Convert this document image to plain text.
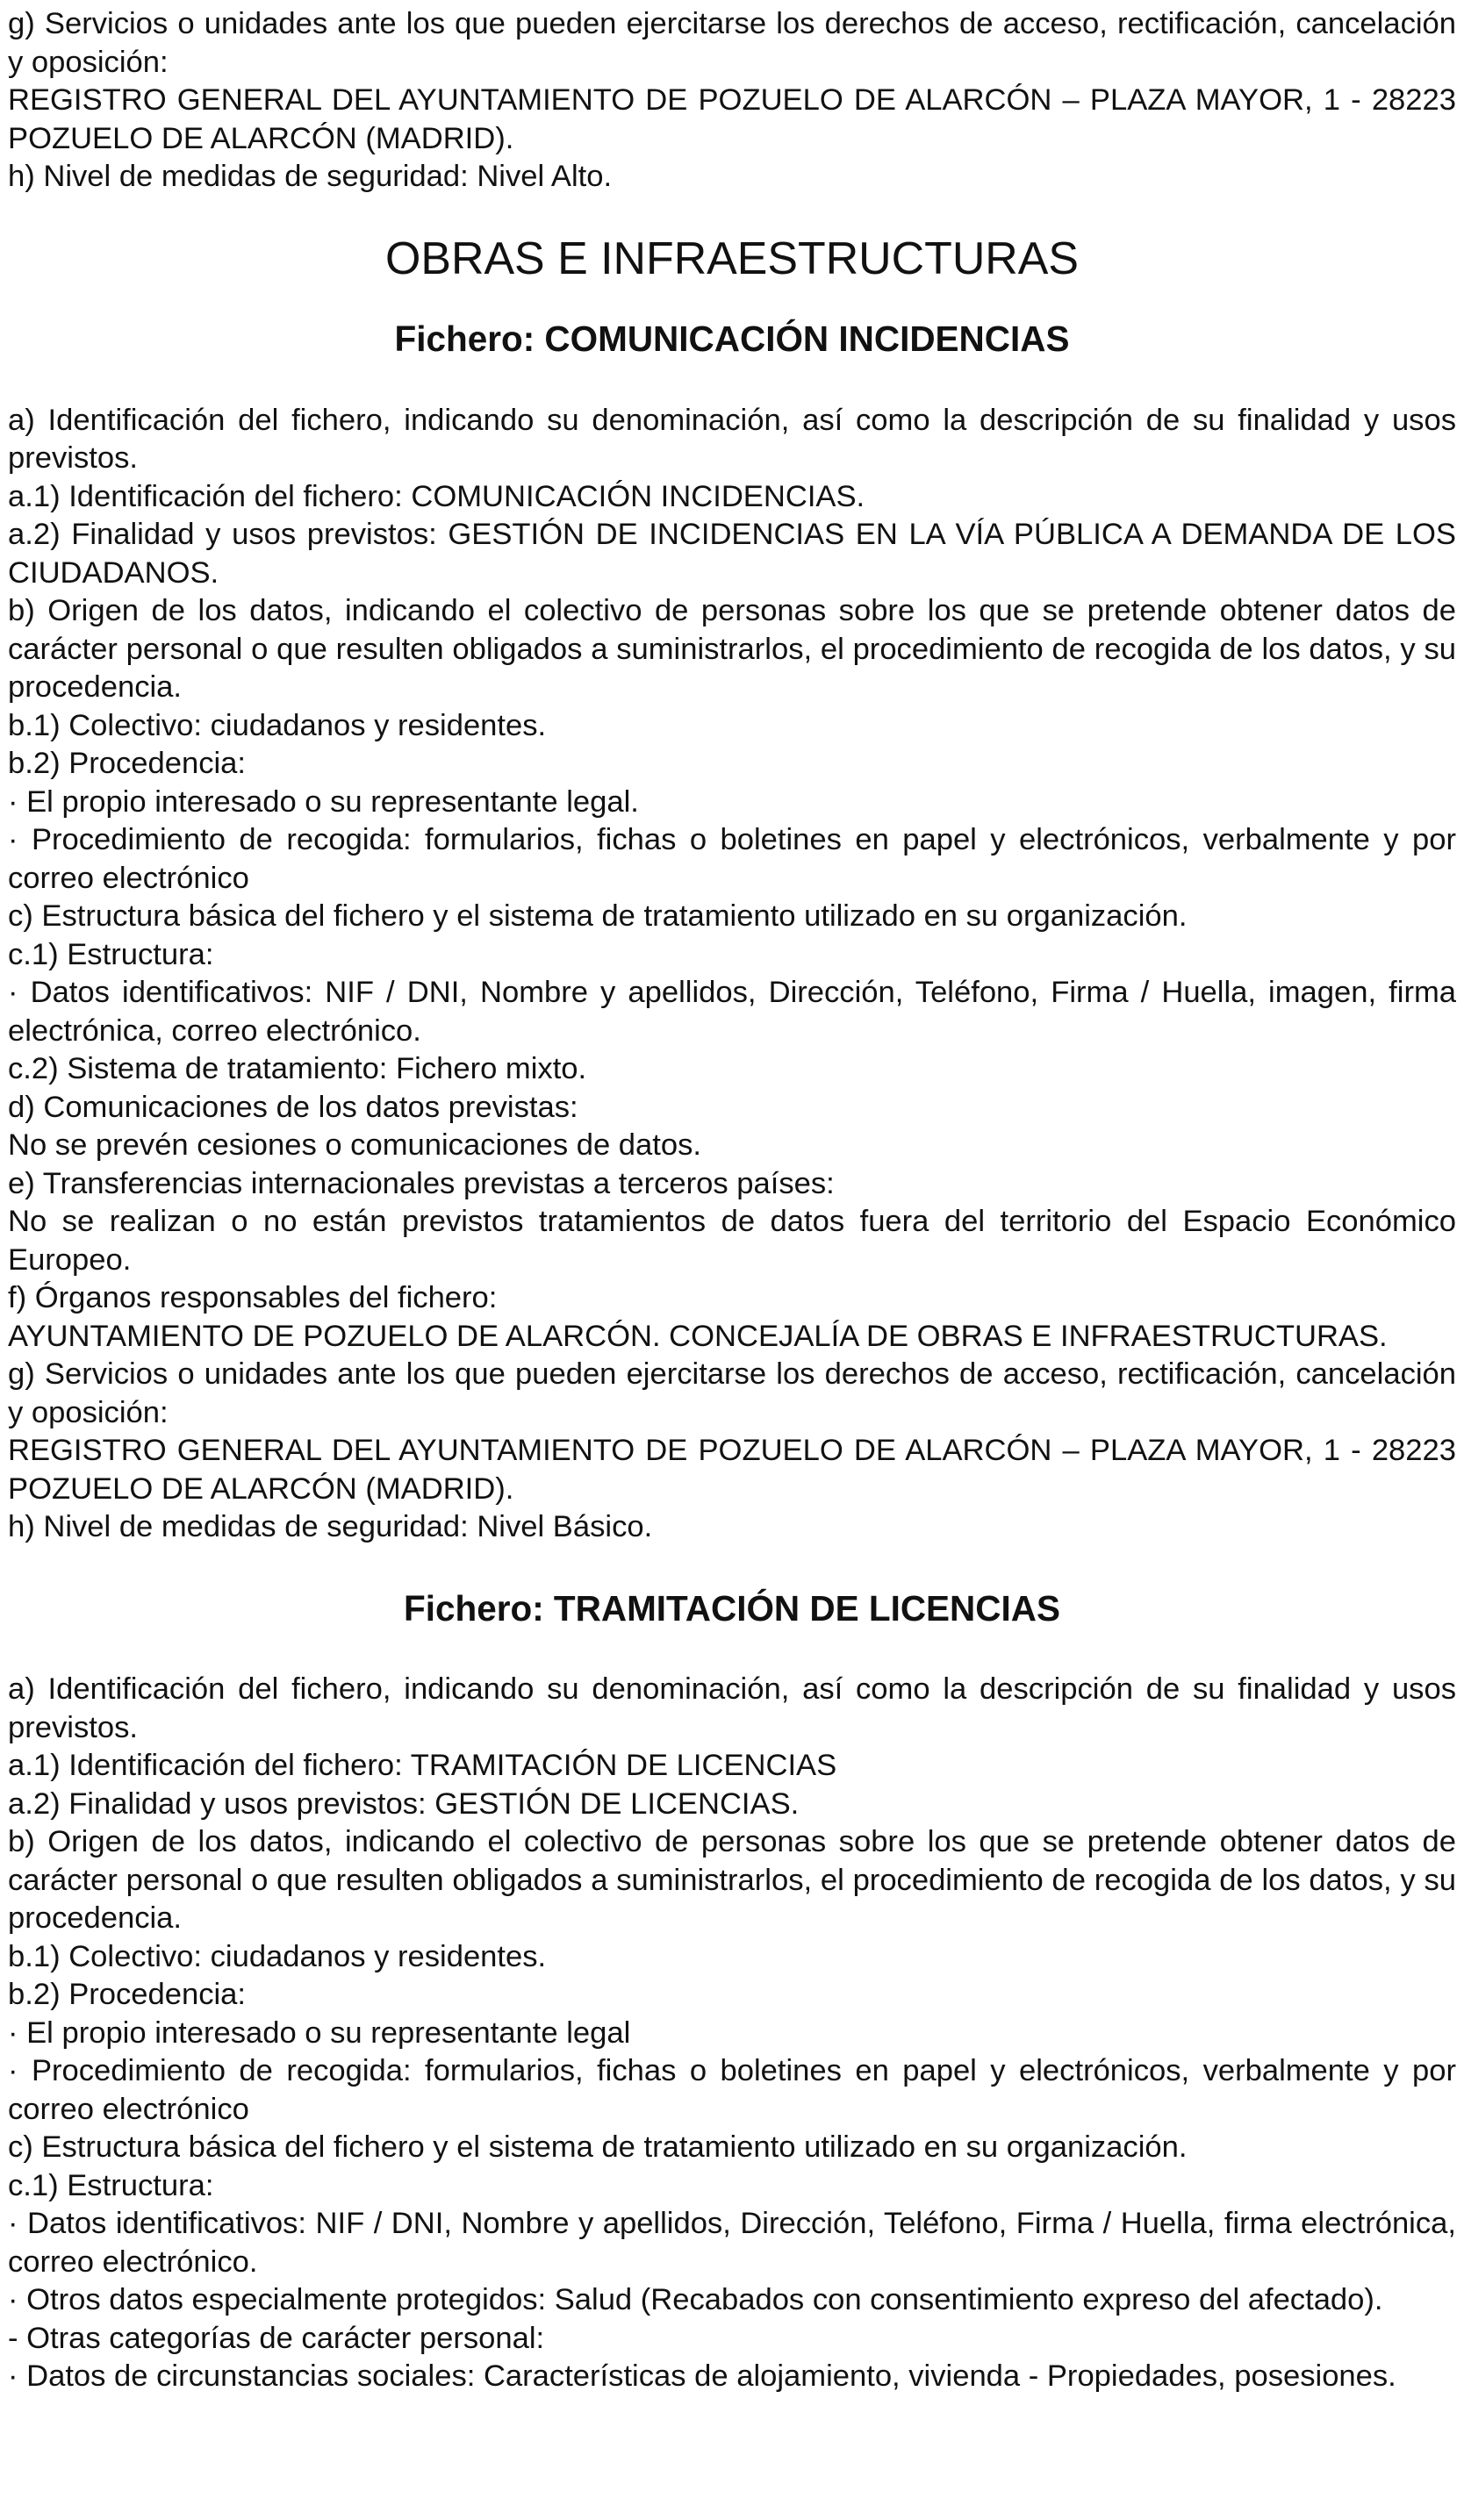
g) Servicios o unidades ante los que pueden ejercitarse los derechos de acceso, rectificación, cancelación y oposición:

REGISTRO GENERAL DEL AYUNTAMIENTO DE POZUELO DE ALARCÓN – PLAZA MAYOR, 1 - 28223 POZUELO DE ALARCÓN (MADRID).

h) Nivel de medidas de seguridad: Nivel Alto.

OBRAS E INFRAESTRUCTURAS
Fichero: COMUNICACIÓN INCIDENCIAS

a) Identificación del fichero, indicando su denominación, así como la descripción de su finalidad y usos previstos.

a.1) Identificación del fichero: COMUNICACIÓN INCIDENCIAS.

a.2) Finalidad y usos previstos: GESTIÓN DE INCIDENCIAS EN LA VÍA PÚBLICA A DEMANDA DE LOS CIUDADANOS.

b) Origen de los datos, indicando el colectivo de personas sobre los que se pretende obtener datos de carácter personal o que resulten obligados a suministrarlos, el procedimiento de recogida de los datos, y su procedencia.

b.1) Colectivo: ciudadanos y residentes.

b.2) Procedencia:

· El propio interesado o su representante legal.

· Procedimiento de recogida: formularios, fichas o boletines en papel y electrónicos, verbalmente y por correo electrónico

c) Estructura básica del fichero y el sistema de tratamiento utilizado en su organización.

c.1) Estructura:

· Datos identificativos: NIF / DNI, Nombre y apellidos, Dirección, Teléfono, Firma / Huella, imagen, firma electrónica, correo electrónico.

c.2) Sistema de tratamiento: Fichero mixto.

d) Comunicaciones de los datos previstas:

No se prevén cesiones o comunicaciones de datos.

e) Transferencias internacionales previstas a terceros países:

No se realizan o no están previstos tratamientos de datos fuera del territorio del Espacio Económico Europeo.

f) Órganos responsables del fichero:

AYUNTAMIENTO DE POZUELO DE ALARCÓN. CONCEJALÍA DE OBRAS E INFRAESTRUCTURAS.

g) Servicios o unidades ante los que pueden ejercitarse los derechos de acceso, rectificación, cancelación y oposición:

REGISTRO GENERAL DEL AYUNTAMIENTO DE POZUELO DE ALARCÓN – PLAZA MAYOR, 1 - 28223 POZUELO DE ALARCÓN (MADRID).

h) Nivel de medidas de seguridad: Nivel Básico.

Fichero: TRAMITACIÓN DE LICENCIAS

a) Identificación del fichero, indicando su denominación, así como la descripción de su finalidad y usos previstos.

a.1) Identificación del fichero: TRAMITACIÓN DE LICENCIAS

a.2) Finalidad y usos previstos: GESTIÓN DE LICENCIAS.

b) Origen de los datos, indicando el colectivo de personas sobre los que se pretende obtener datos de carácter personal o que resulten obligados a suministrarlos, el procedimiento de recogida de los datos, y su procedencia.

b.1) Colectivo: ciudadanos y residentes.

b.2) Procedencia:

· El propio interesado o su representante legal

· Procedimiento de recogida: formularios, fichas o boletines en papel y electrónicos, verbalmente y por correo electrónico

c) Estructura básica del fichero y el sistema de tratamiento utilizado en su organización.

c.1) Estructura:

· Datos identificativos: NIF / DNI, Nombre y apellidos, Dirección, Teléfono, Firma / Huella, firma electrónica, correo electrónico.

· Otros datos especialmente protegidos: Salud (Recabados con consentimiento expreso del afectado).

- Otras categorías de carácter personal:

· Datos de circunstancias sociales: Características de alojamiento, vivienda - Propiedades, posesiones.
